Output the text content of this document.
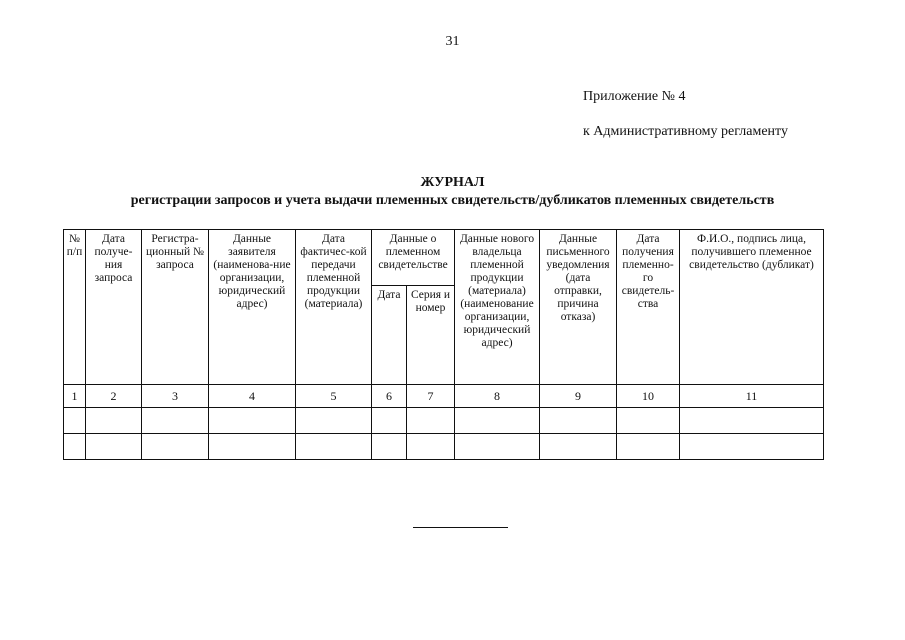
31
Приложение № 4
к Административному регламенту
ЖУРНАЛ
регистрации запросов и учета выдачи племенных свидетельств/дубликатов племенных свидетельств
№ п/п	Дата получе-ния запроса	Регистра-ционный № запроса	Данные заявителя (наименова-ние организации, юридический адрес)	Дата фактичес-кой передачи племенной продукции (материала)	Данные о племенном свидетельстве		Данные нового владельца племенной продукции (материала) (наименование организации, юридический адрес)	Данные письменного уведомления (дата отправки, причина отказа)	Дата получения племенно-го свидетель-ства	Ф.И.О., подпись лица, получившего племенное свидетельство (дубликат)
					Дата	Серия и номер				
1	2	3	4	5	6	7	8	9	10	11
